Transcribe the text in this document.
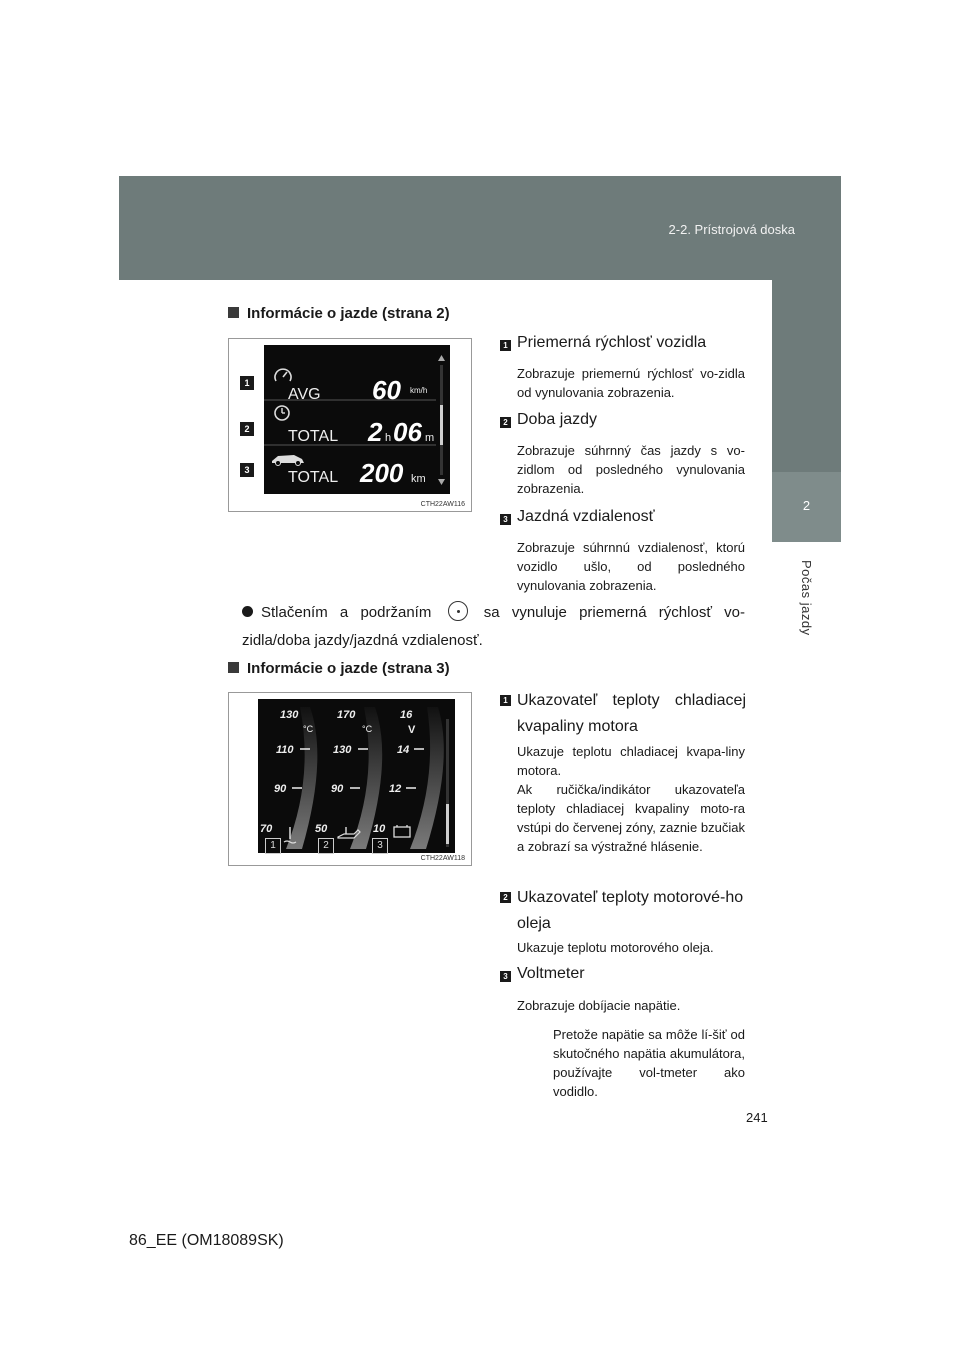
2-2. Prístrojová doska
2
Počas jazdy
Informácie o jazde (strana 2)
1
2
3
AVG 60 km/h
TOTAL 2 h 06 m
TOTAL 200 km
CTH22AW116
1 Priemerná rýchlosť vozidla
Zobrazuje priemernú rýchlosť vo-zidla od vynulovania zobrazenia.
2 Doba jazdy
Zobrazuje súhrnný čas jazdy s vo-zidlom od posledného vynulovania zobrazenia.
3 Jazdná vzdialenosť
Zobrazuje súhrnnú vzdialenosť, ktorú vozidlo ušlo, od posledného vynulovania zobrazenia.
Stlačením a podržaním	sa vynuluje priemerná rýchlosť vo-zidla/doba jazdy/jazdná vzdialenosť.
Informácie o jazde (strana 3)
130
°C
110
90
70
170
°C
130
90
50
16
V
14
12
10
1	2	3
CTH22AW118
1 Ukazovateľ teploty chladiacej kvapaliny motora
Ukazuje teplotu chladiacej kvapa-liny motora.
Ak ručička/indikátor ukazovateľa teploty chladiacej kvapaliny moto-ra vstúpi do červenej zóny, zaznie bzučiak a zobrazí sa výstražné hlásenie.
2 Ukazovateľ teploty motorové-ho oleja
Ukazuje teplotu motorového oleja.
3 Voltmeter
Zobrazuje dobíjacie napätie.
Pretože napätie sa môže lí-šiť od skutočného napätia akumulátora, používajte vol-tmeter ako vodidlo.
241
86_EE (OM18089SK)
